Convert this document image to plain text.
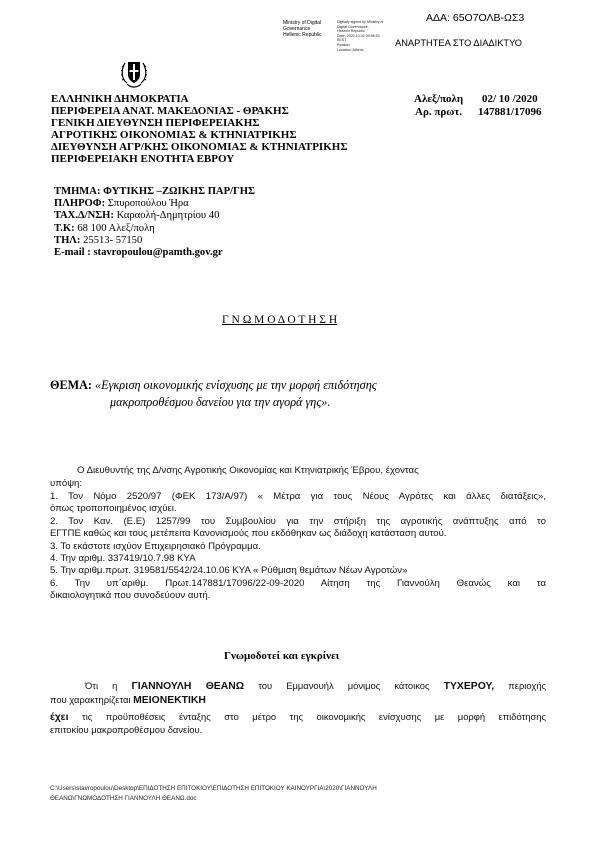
ΑΔΑ: 65Ο7ΟΛΒ-ΩΣ3
Ministry of Digital
Governance
Hellenic Republic
Digitally signed by Ministry of
Digital Governance,
Hellenic Republic
Date: 2020.10.02 09:56:53
EEST
Reason:
Location: Athens
ΑΝΑΡΤΗΤΕΑ ΣΤΟ ΔΙΑΔΙΚΤΥΟ
ΕΛΛΗΝΙΚΗ ΔΗΜΟΚΡΑΤΙΑ
ΠΕΡΙΦΕΡΕΙΑ ΑΝΑΤ. ΜΑΚΕΔΟΝΙΑΣ - ΘΡΑΚΗΣ
ΓΕΝΙΚΗ ΔΙΕΥΘΥΝΣΗ ΠΕΡΙΦΕΡΕΙΑΚΗΣ
ΑΓΡΟΤΙΚΗΣ ΟΙΚΟΝΟΜΙΑΣ & ΚΤΗΝΙΑΤΡΙΚΗΣ
ΔΙΕΥΘΥΝΣΗ ΑΓΡ/ΚΗΣ ΟΙΚΟΝΟΜΙΑΣ & ΚΤΗΝΙΑΤΡΙΚΗΣ
ΠΕΡΙΦΕΡΕΙΑΚΗ ΕΝΟΤΗΤΑ ΕΒΡΟΥ
Αλεξ/πολη 02/ 10 /2020
Αρ. πρωτ. 147881/17096
ΤΜΗΜΑ: ΦΥΤΙΚΗΣ –ΖΩΙΚΗΣ ΠΑΡ/ΓΗΣ
ΠΛΗΡΟΦ: Σπυροπούλου Ήρα
ΤΑΧ.Δ/ΝΣΗ: Καραολή-Δημητρίου 40
Τ.Κ: 68 100 Αλεξ/πολη
ΤΗΛ: 25513- 57150
E-mail : stavropoulou@pamth.gov.gr
Γ Ν Ω Μ Ο Δ Ο Τ Η Σ Η
ΘΕΜΑ: «Εγκριση οικονομικής ενίσχυσης με την μορφή επιδότησης
μακροπροθέσμου δανείου για την αγορά γης».
Ο Διευθυντής της Δ/νσης Αγροτικής Οικονομίας και Κτηνιατρικής Έβρου, έχοντας
υπόψη:
1. Τον Νόμο 2520/97 (ΦΕΚ 173/Α/97) « Μέτρα για τους Νέους Αγρότες και άλλες διατάξεις»,
όπως τροποποιημένος ισχύει.
2. Τον Καν. (Ε.Ε) 1257/99 του Συμβουλίου για την στήριξη της αγροτικής ανάπτυξης από το
ΕΓΤΠΕ καθώς και τους μετέπειτα Κανονισμούς που εκδόθηκαν ως διάδοχη κατάσταση αυτού.
3. Το εκάστοτε ισχύον Επιχειρησιακό Πρόγραμμα.
4. Την αριθμ. 337419/10.7.98 ΚΥΑ
5. Την αριθμ.πρωτ. 319581/5542/24.10.06 ΚΥΑ « Ρύθμιση θεμάτων Νέων Αγροτών»
6. Την υπ΄αριθμ. Πρωτ.147881/17096/22-09-2020 Αίτηση της Γιαννούλη Θεανώς και τα
δικαιολογητικά που συνοδεύουν αυτή.
Γνωμοδοτεί και εγκρίνει
Ότι η ΓΙΑΝΝΟΥΛΗ ΘΕΑΝΩ του Εμμανουήλ μόνιμος κάτοικος ΤΥΧΕΡΟΥ, περιοχής
που χαρακτηρίζεται ΜΕΙΟΝΕΚΤΙΚΗ
έχει τις προϋποθέσεις ένταξης στο μέτρο της οικονομικής ενίσχυσης με μορφή επιδότησης
επιτοκίου μακροπροθέσμου δανείου.
C:\Users\stavropoulou\Desktop\ΕΠΙΔΟΤΗΣΗ ΕΠΙΤΟΚΙΟΥ\ΕΠΙΔΟΤΗΣΗ ΕΠΙΤΟΚΙΟΥ ΚΑΙΝΟΥΡΓΙΑ\2020\ΓΙΑΝΝΟΥΛΗ
ΘΕΑΝΩ\ΓΝΩΜΟΔΟΤΗΣΗ ΓΙΑΝΝΟΥΛΗ ΘΕΑΝΩ.doc
